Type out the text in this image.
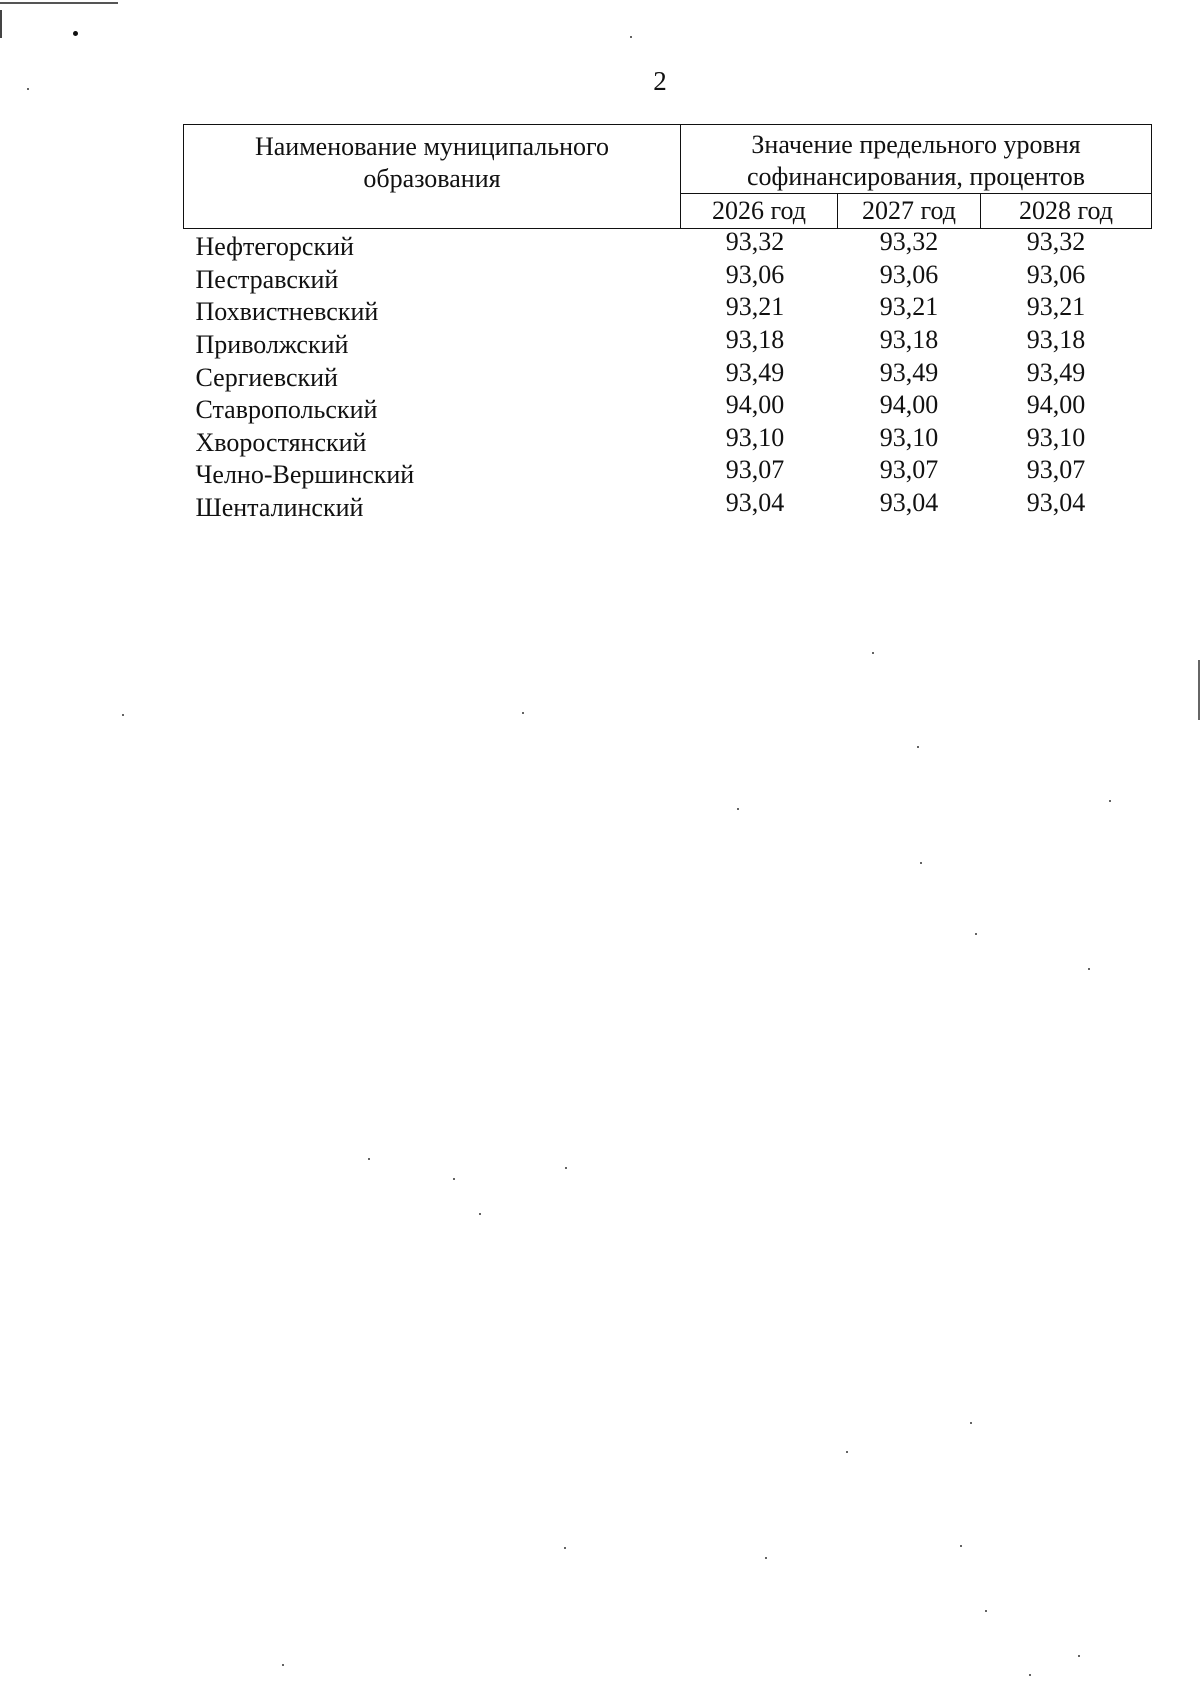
2
Наименование муниципального образования	Значение предельного уровня софинансирования, процентов		
	2026 год	2027 год	2028 год
Нефтегорский	93,32	93,32	93,32
Пестравский	93,06	93,06	93,06
Похвистневский	93,21	93,21	93,21
Приволжский	93,18	93,18	93,18
Сергиевский	93,49	93,49	93,49
Ставропольский	94,00	94,00	94,00
Хворостянский	93,10	93,10	93,10
Челно-Вершинский	93,07	93,07	93,07
Шенталинский	93,04	93,04	93,04
